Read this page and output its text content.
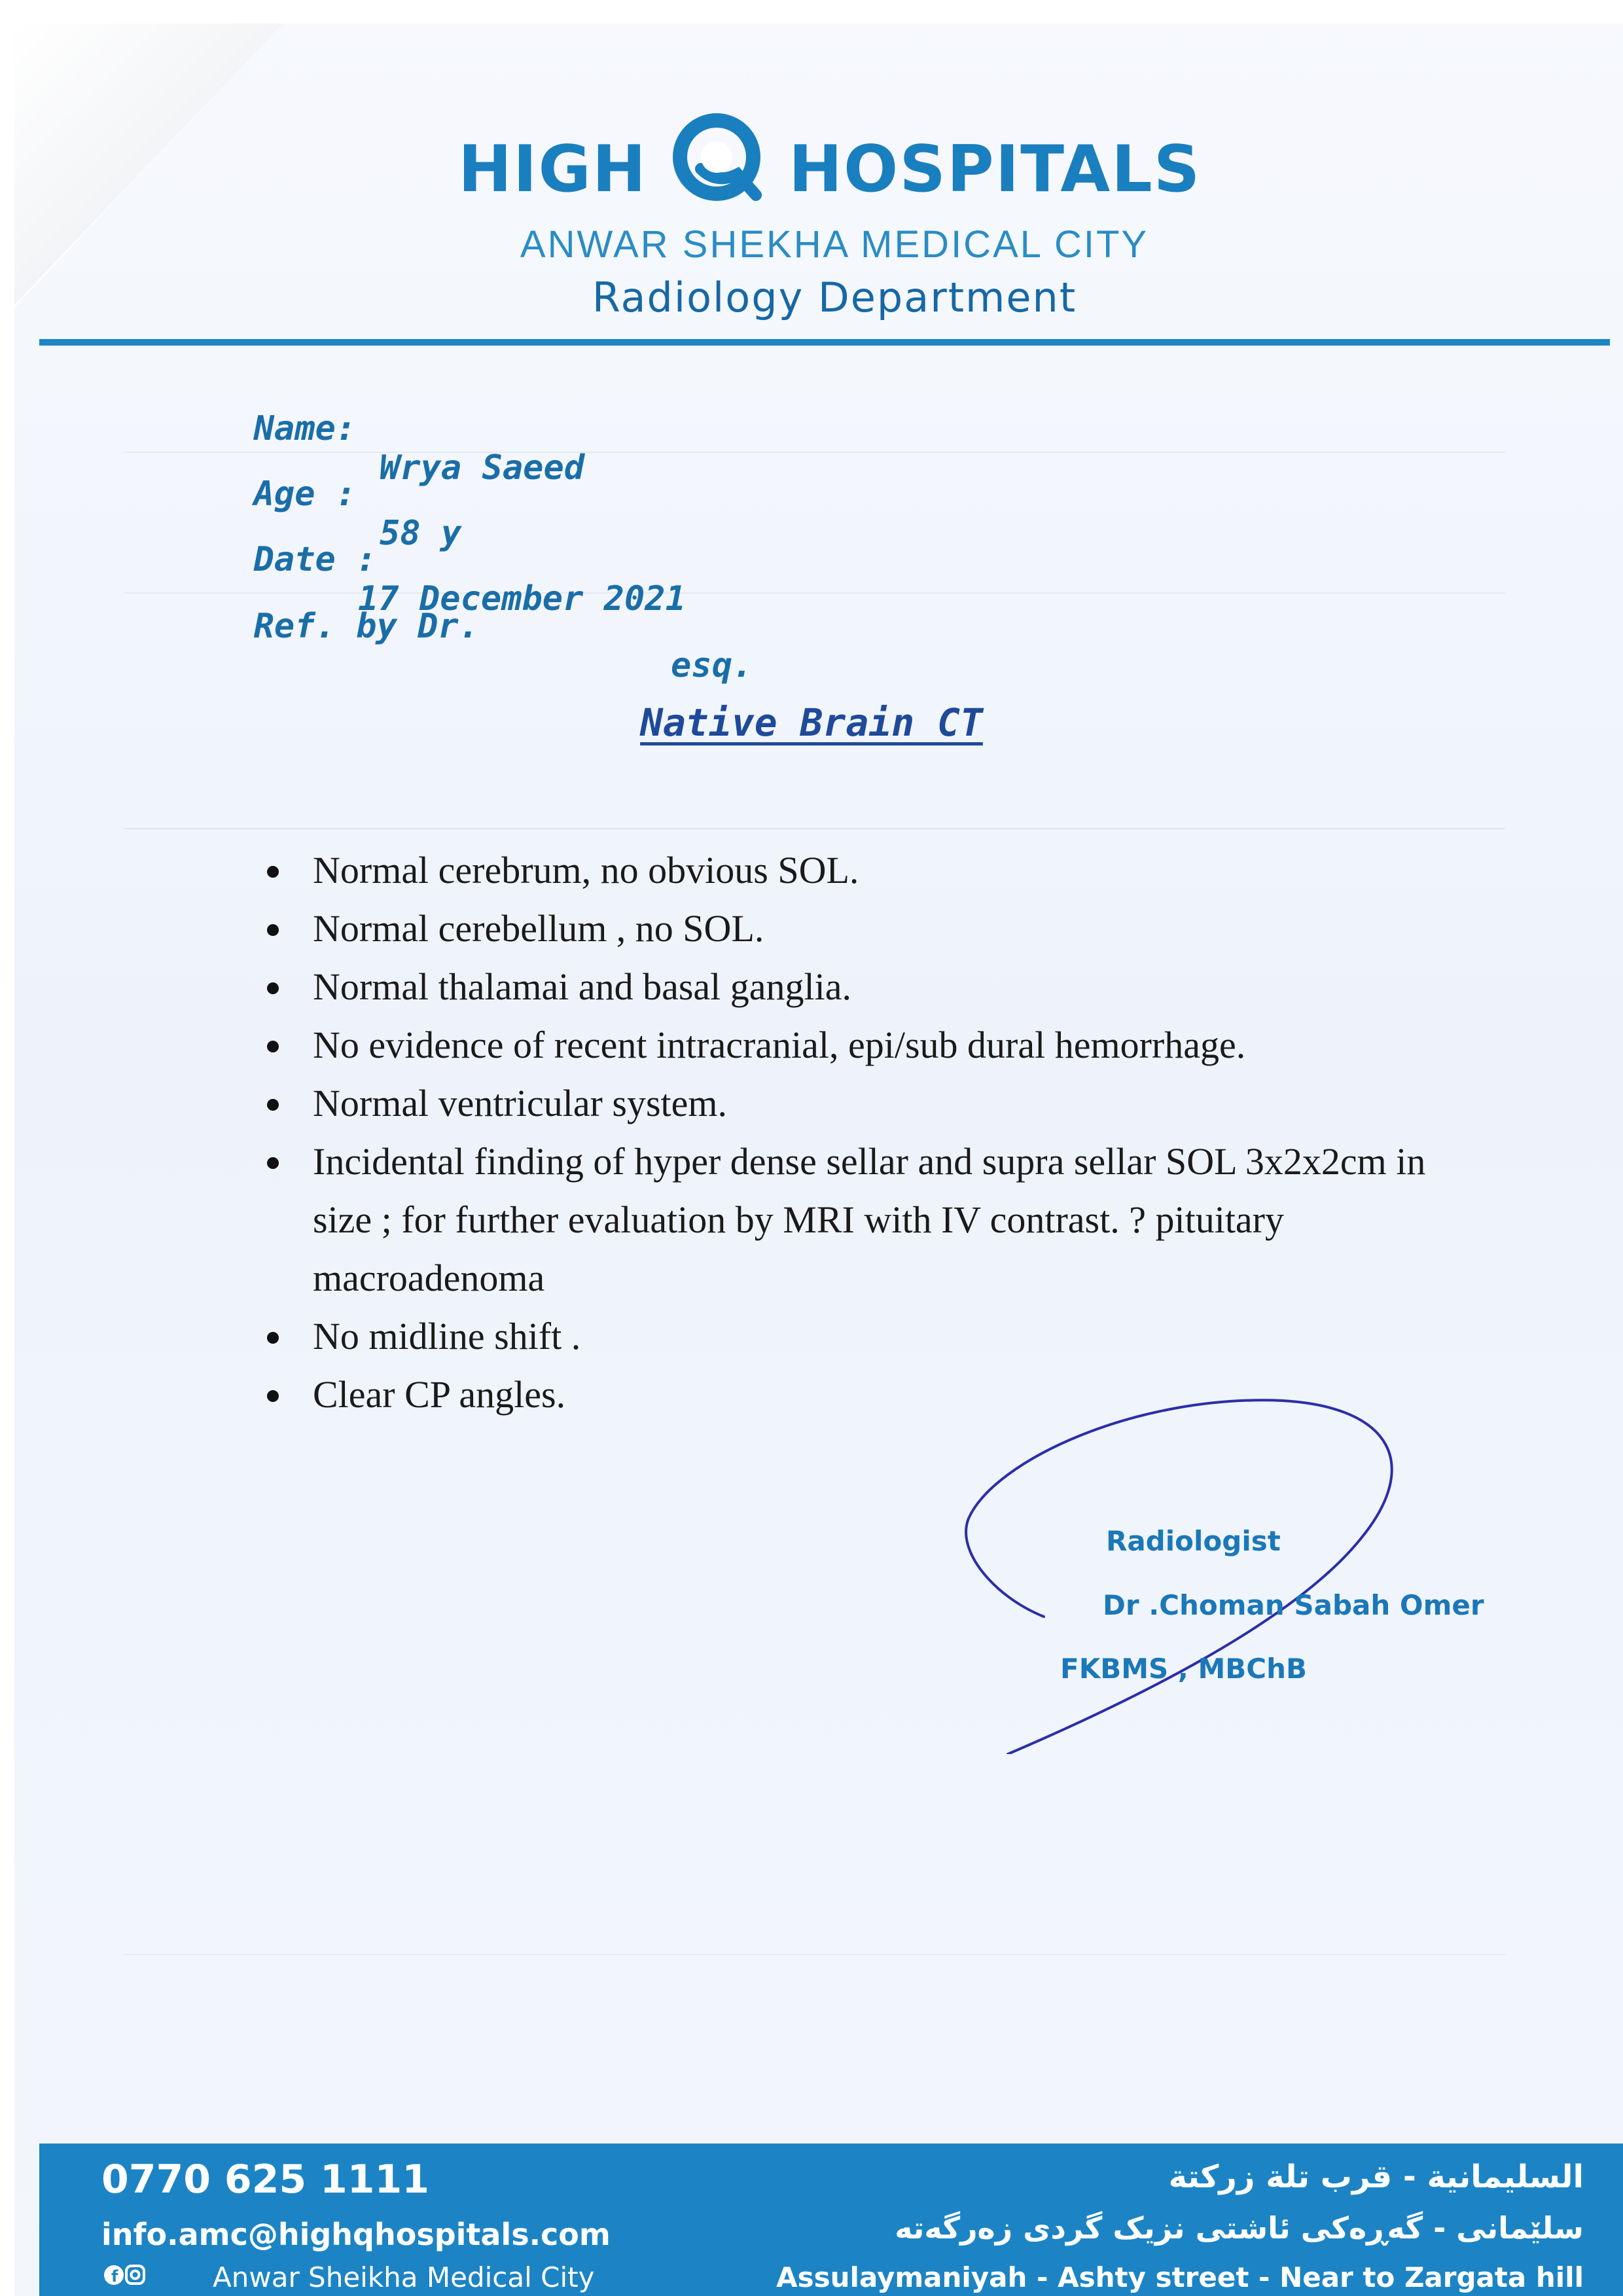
HIGH HOSPITALS
ANWAR SHEKHA MEDICAL CITY
Radiology Department

Name:

Wrya Saeed

Age :

58 y

Date :

17 December 2021

Ref. by Dr.

esq.

Native Brain CT
Normal cerebrum, no obvious SOL.
Normal cerebellum , no SOL.
Normal thalamai and basal ganglia.
No evidence of recent intracranial, epi/sub dural hemorrhage.
Normal ventricular system.
Incidental finding of hyper dense sellar and supra sellar SOL 3x2x2cm in size ; for further evaluation by MRI with IV contrast. ? pituitary macroadenoma
No midline shift .
Clear CP angles.
Radiologist
Dr .Choman Sabah Omer
FKBMS , MBChB
0770 625 1111
info.amc@highqhospitals.com
f	Anwar Sheikha Medical City
السليمانية - قرب تلة زركتة
سلێمانی - گەڕەکی ئاشتی نزیک گردی زەرگەتە
Assulaymaniyah - Ashty street - Near to Zargata hill
